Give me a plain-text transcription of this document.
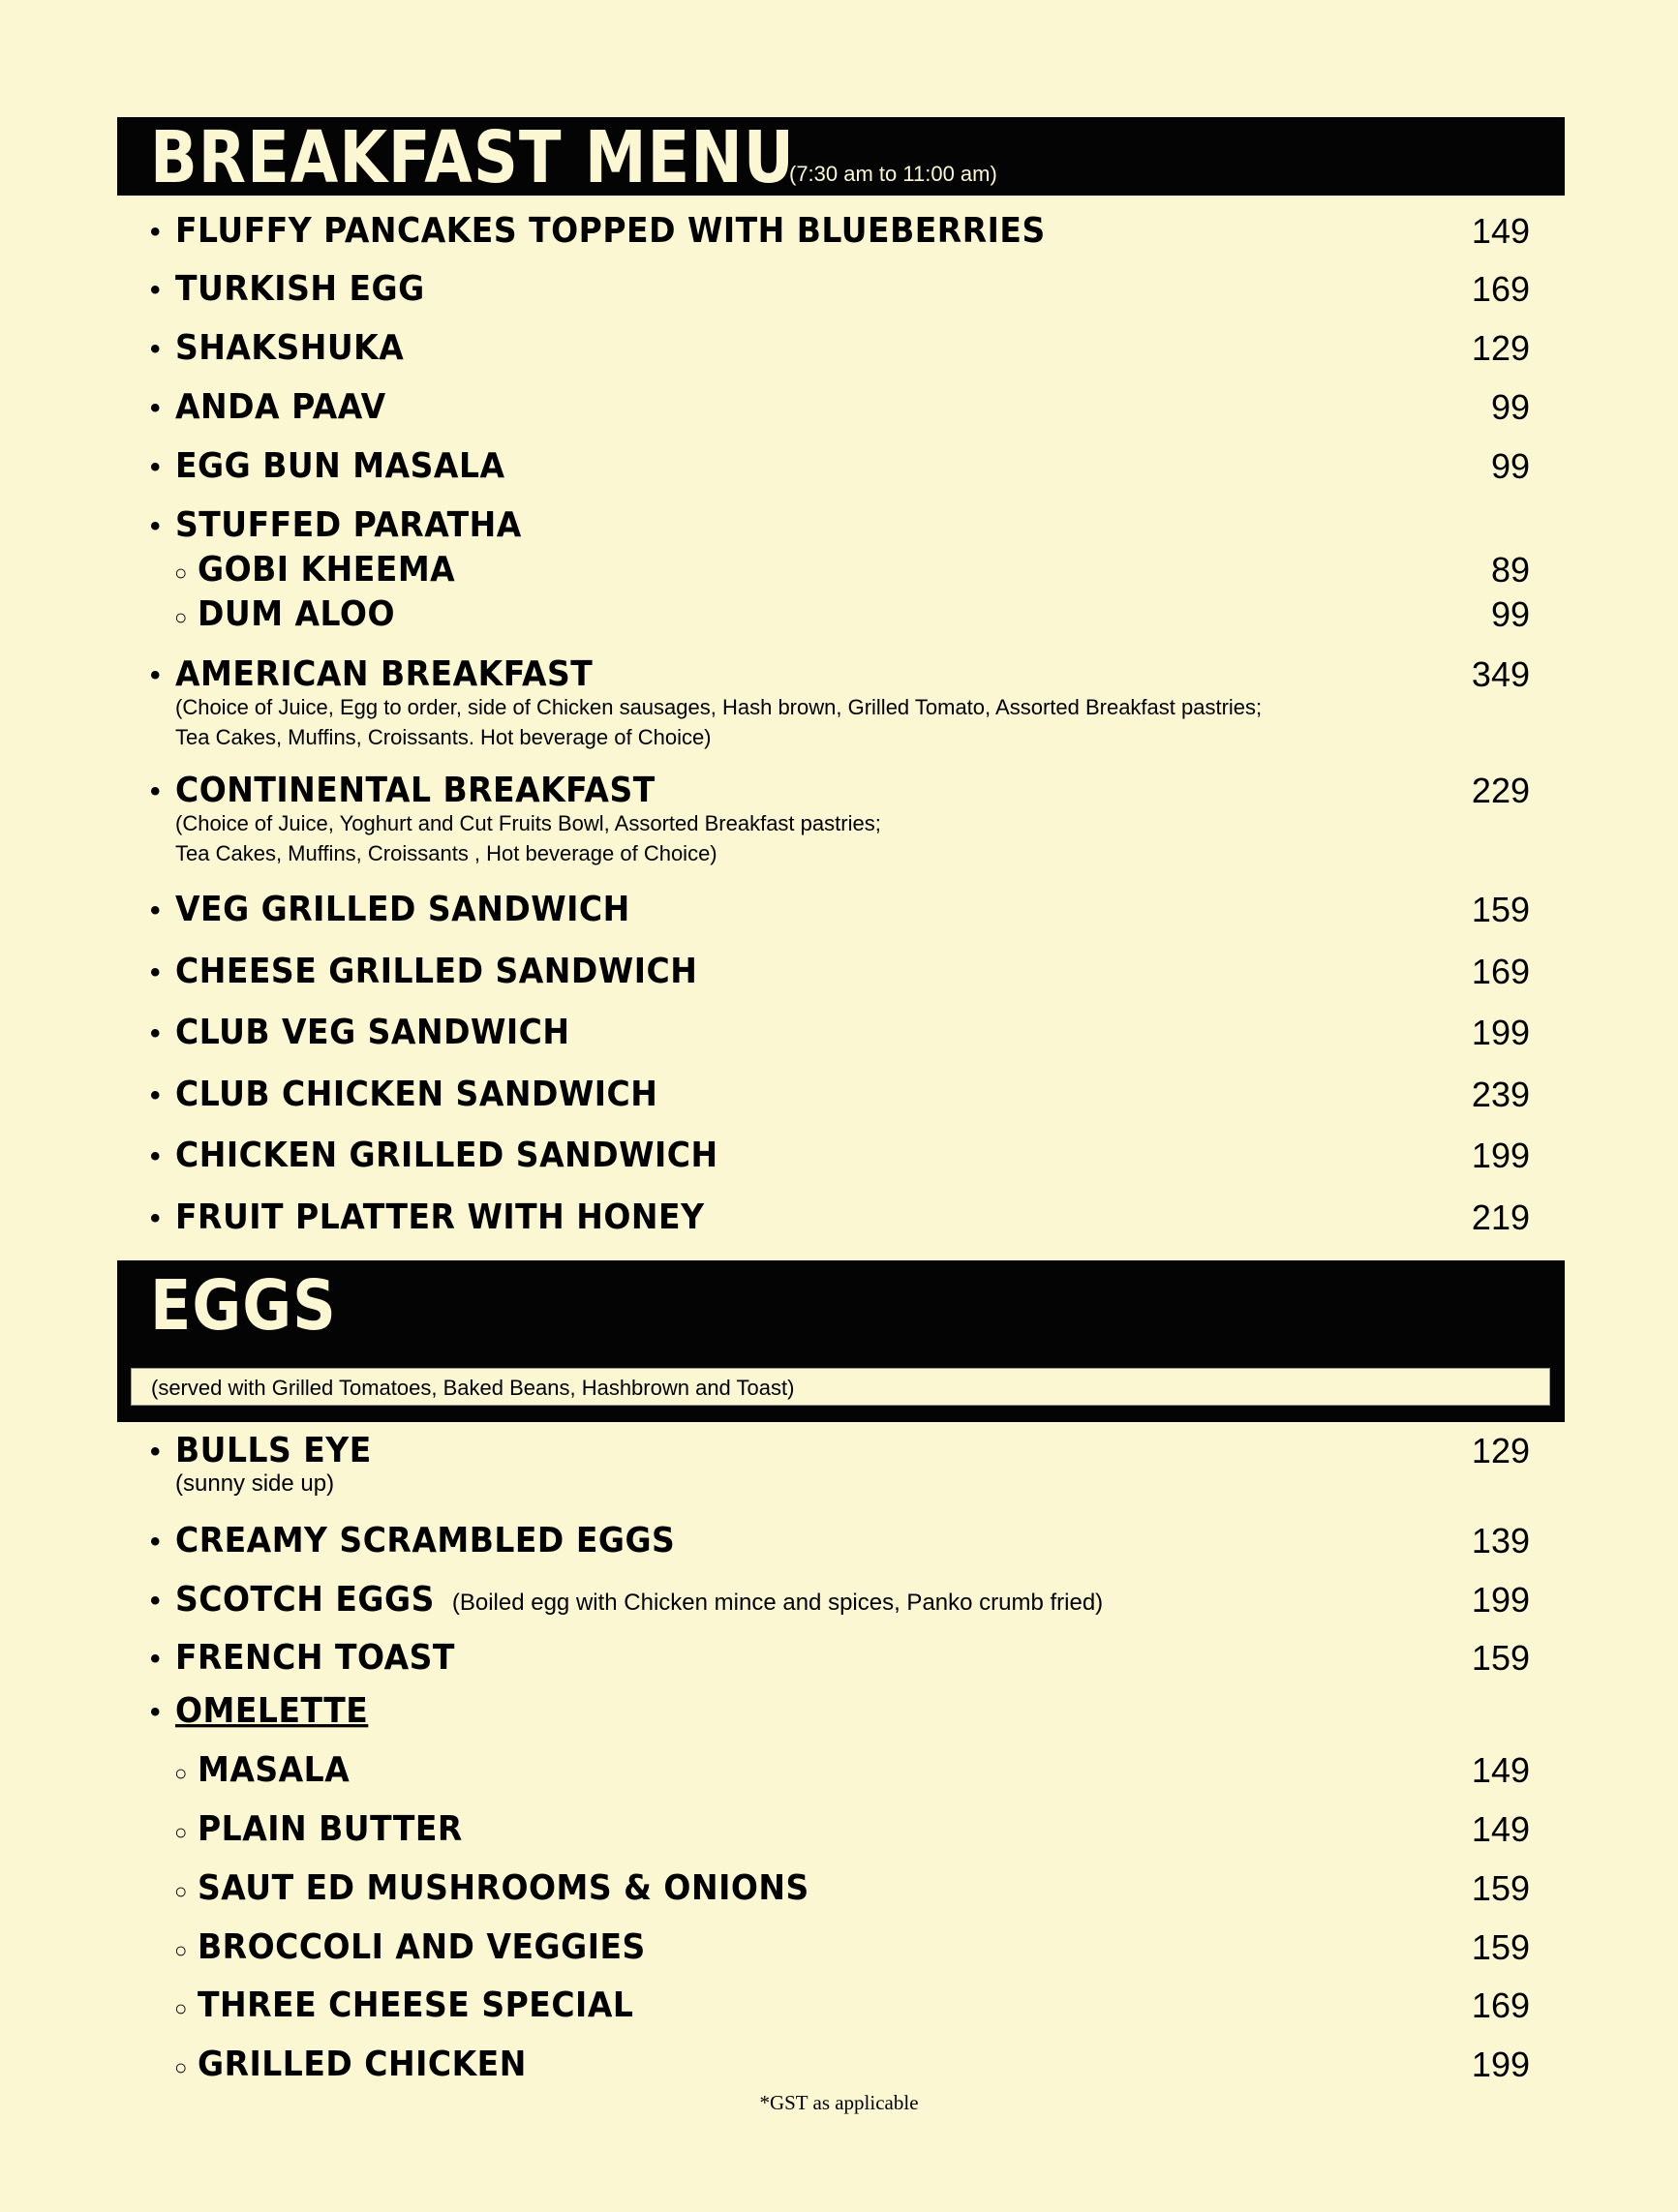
BREAKFAST MENU
(7:30 am to 11:00 am)
• FLUFFY PANCAKES TOPPED WITH BLUEBERRIES	149
• TURKISH EGG	169
• SHAKSHUKA	129
• ANDA PAAV	99
• EGG BUN MASALA	99
• STUFFED PARATHA
○ GOBI KHEEMA	89
○ DUM ALOO	99
• AMERICAN BREAKFAST	349
(Choice of Juice, Egg to order, side of Chicken sausages, Hash brown, Grilled Tomato, Assorted Breakfast pastries;
Tea Cakes, Muffins, Croissants. Hot beverage of Choice)
• CONTINENTAL BREAKFAST	229
(Choice of Juice, Yoghurt and Cut Fruits Bowl, Assorted Breakfast pastries;
Tea Cakes, Muffins, Croissants , Hot beverage of Choice)
• VEG GRILLED SANDWICH	159
• CHEESE GRILLED SANDWICH	169
• CLUB VEG SANDWICH	199
• CLUB CHICKEN SANDWICH	239
• CHICKEN GRILLED SANDWICH	199
• FRUIT PLATTER WITH HONEY	219
EGGS
(served with Grilled Tomatoes, Baked Beans, Hashbrown and Toast)
• BULLS EYE	129
(sunny side up)
• CREAMY SCRAMBLED EGGS	139
• SCOTCH EGGS (Boiled egg with Chicken mince and spices, Panko crumb fried)	199
• FRENCH TOAST	159
• OMELETTE
○ MASALA	149
○ PLAIN BUTTER	149
○ SAUT ED MUSHROOMS & ONIONS	159
○ BROCCOLI AND VEGGIES	159
○ THREE CHEESE SPECIAL	169
○ GRILLED CHICKEN	199
*GST as applicable
